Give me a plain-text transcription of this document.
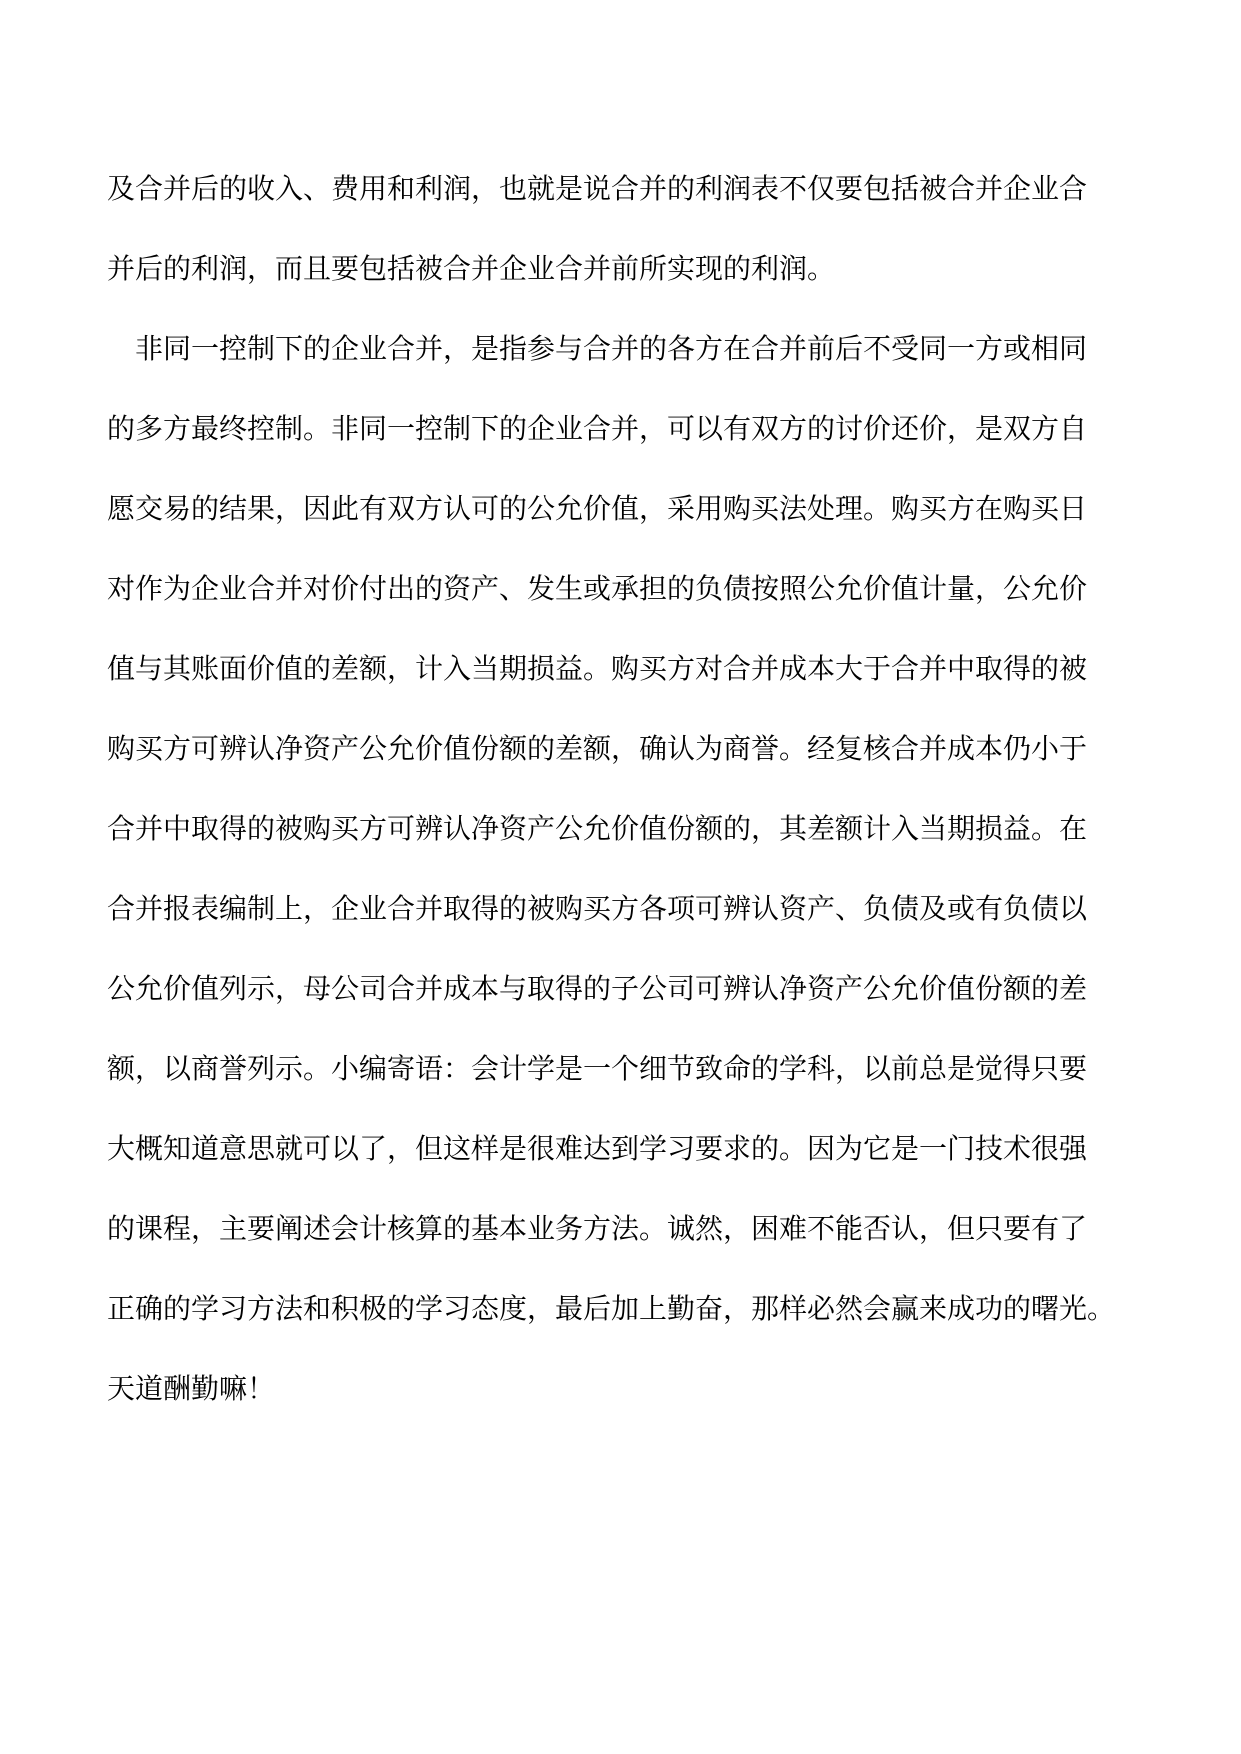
及合并后的收入、费用和利润，也就是说合并的利润表不仅要包括被合并企业合
并后的利润，而且要包括被合并企业合并前所实现的利润。
非同一控制下的企业合并，是指参与合并的各方在合并前后不受同一方或相同
的多方最终控制。非同一控制下的企业合并，可以有双方的讨价还价，是双方自
愿交易的结果，因此有双方认可的公允价值，采用购买法处理。购买方在购买日
对作为企业合并对价付出的资产、发生或承担的负债按照公允价值计量，公允价
值与其账面价值的差额，计入当期损益。购买方对合并成本大于合并中取得的被
购买方可辨认净资产公允价值份额的差额，确认为商誉。经复核合并成本仍小于
合并中取得的被购买方可辨认净资产公允价值份额的，其差额计入当期损益。在
合并报表编制上，企业合并取得的被购买方各项可辨认资产、负债及或有负债以
公允价值列示，母公司合并成本与取得的子公司可辨认净资产公允价值份额的差
额，以商誉列示。小编寄语：会计学是一个细节致命的学科，以前总是觉得只要
大概知道意思就可以了，但这样是很难达到学习要求的。因为它是一门技术很强
的课程，主要阐述会计核算的基本业务方法。诚然，困难不能否认，但只要有了
正确的学习方法和积极的学习态度，最后加上勤奋，那样必然会赢来成功的曙光。
天道酬勤嘛！
